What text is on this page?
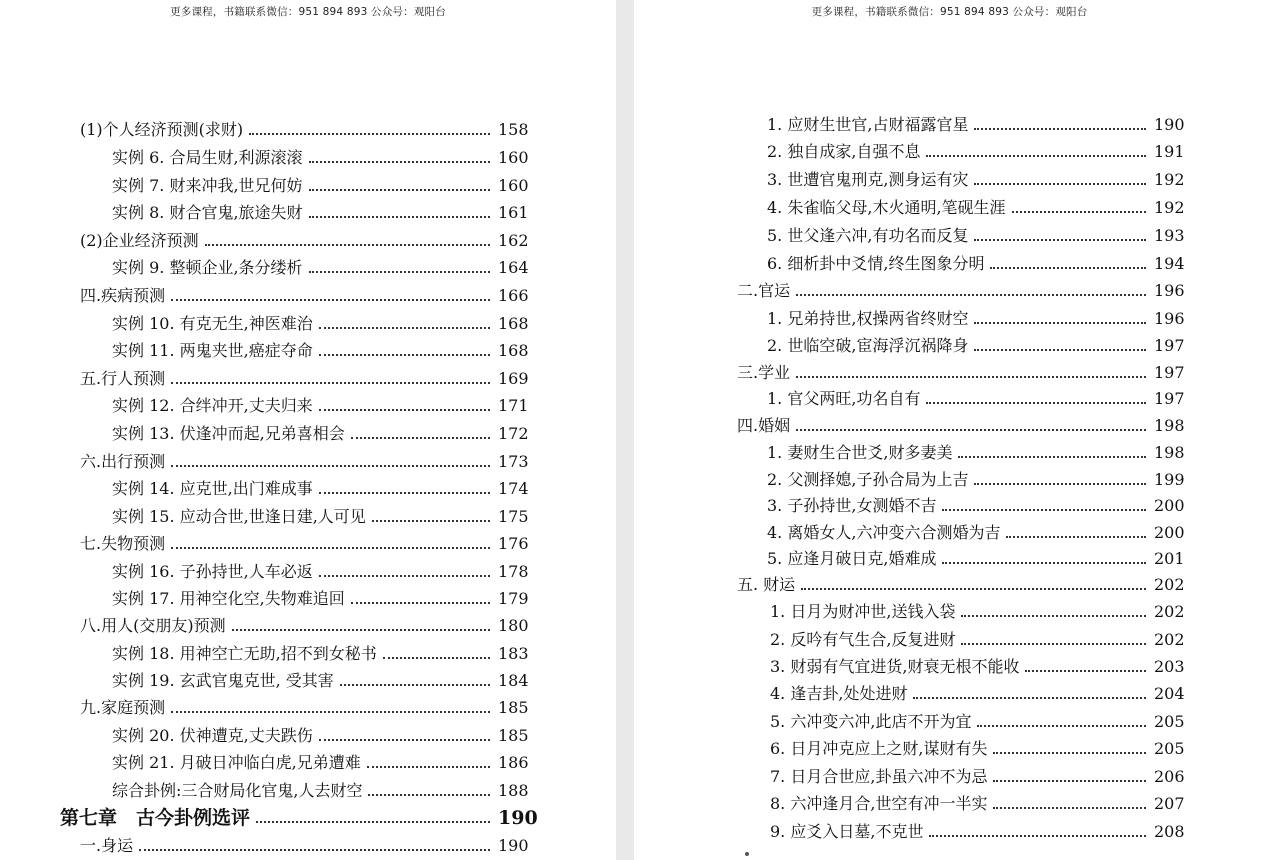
更多课程，书籍联系微信：951 894 893 公众号：观阳台
(1)个人经济预测(求财)	158
实例 6. 合局生财,利源滚滚	160
实例 7. 财来冲我,世兄何妨	160
实例 8. 财合官鬼,旅途失财	161
(2)企业经济预测	162
实例 9. 整顿企业,条分缕析	164
四.疾病预测	166
实例 10. 有克无生,神医难治	168
实例 11. 两鬼夹世,癌症夺命	168
五.行人预测	169
实例 12. 合绊冲开,丈夫归来	171
实例 13. 伏逢冲而起,兄弟喜相会	172
六.出行预测	173
实例 14. 应克世,出门难成事	174
实例 15. 应动合世,世逢日建,人可见	175
七.失物预测	176
实例 16. 子孙持世,人车必返	178
实例 17. 用神空化空,失物难追回	179
八.用人(交朋友)预测	180
实例 18. 用神空亡无助,招不到女秘书	183
实例 19. 玄武官鬼克世, 受其害	184
九.家庭预测	185
实例 20. 伏神遭克,丈夫跌伤	185
实例 21. 月破日冲临白虎,兄弟遭难	186
综合卦例:三合财局化官鬼,人去财空	188
第七章　古今卦例选评	190
一.身运	190
更多课程，书籍联系微信：951 894 893 公众号：观阳台
1. 应财生世官,占财福露官星	190
2. 独自成家,自强不息	191
3. 世遭官鬼刑克,测身运有灾	192
4. 朱雀临父母,木火通明,笔砚生涯	192
5. 世父逢六冲,有功名而反复	193
6. 细析卦中爻情,终生图象分明	194
二.官运	196
1. 兄弟持世,权操两省终财空	196
2. 世临空破,宦海浮沉祸降身	197
三.学业	197
1. 官父两旺,功名自有	197
四.婚姻	198
1. 妻财生合世爻,财多妻美	198
2. 父测择媳,子孙合局为上吉	199
3. 子孙持世,女测婚不吉	200
4. 离婚女人,六冲变六合测婚为吉	200
5. 应逢月破日克,婚难成	201
五. 财运	202
1. 日月为财冲世,送钱入袋	202
2. 反吟有气生合,反复进财	202
3. 财弱有气宜进货,财衰无根不能收	203
4. 逢吉卦,处处进财	204
5. 六冲变六冲,此店不开为宜	205
6. 日月冲克应上之财,谋财有失	205
7. 日月合世应,卦虽六冲不为忌	206
8. 六冲逢月合,世空有冲一半实	207
9. 应爻入日墓,不克世	208
